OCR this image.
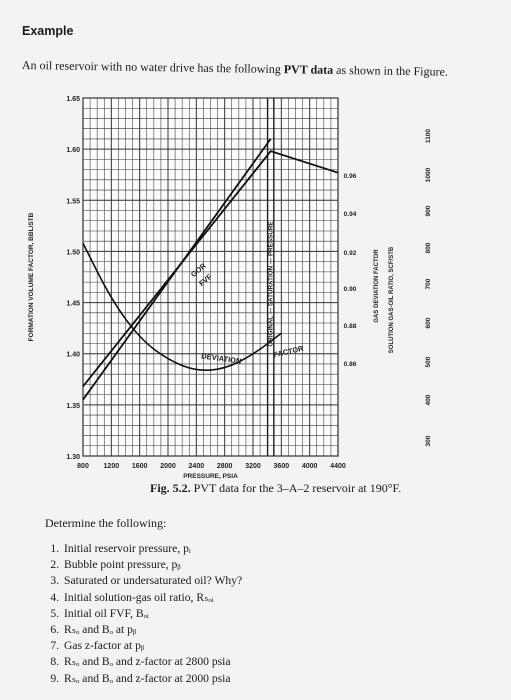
Example
An oil reservoir with no water drive has the following PVT data as shown in the Figure.
800 1200 1600 2000 2400 2800 3200 3600 4000 4400
PRESSURE, PSIA
1.30
1.35
1.40
1.45
1.50
1.55
1.60
1.65
FORMATION VOLUME FACTOR, BBL/STB
0.86
0.88
0.90
0.92
0.94
0.96
GAS DEVIATION FACTOR
300
400
500
600
700
800
900
1000
1100
SOLUTION GAS-OIL RATIO, SCF/STB
GOR
FVF
DEVIATION	FACTOR
ORIGINAL — SATURATION — PRESSURE
Fig. 5.2. PVT data for the 3–A–2 reservoir at 190°F.
Determine the following:
1. Initial reservoir pressure, pᵢ
2. Bubble point pressure, pᵦ
3. Saturated or undersaturated oil? Why?
4. Initial solution-gas oil ratio, Rₛₒᵢ
5. Initial oil FVF, Bₒᵢ
6. Rₛₒ and Bₒ at pᵦ
7. Gas z-factor at pᵦ
8. Rₛₒ and Bₒ and z-factor at 2800 psia
9. Rₛₒ and Bₒ and z-factor at 2000 psia
